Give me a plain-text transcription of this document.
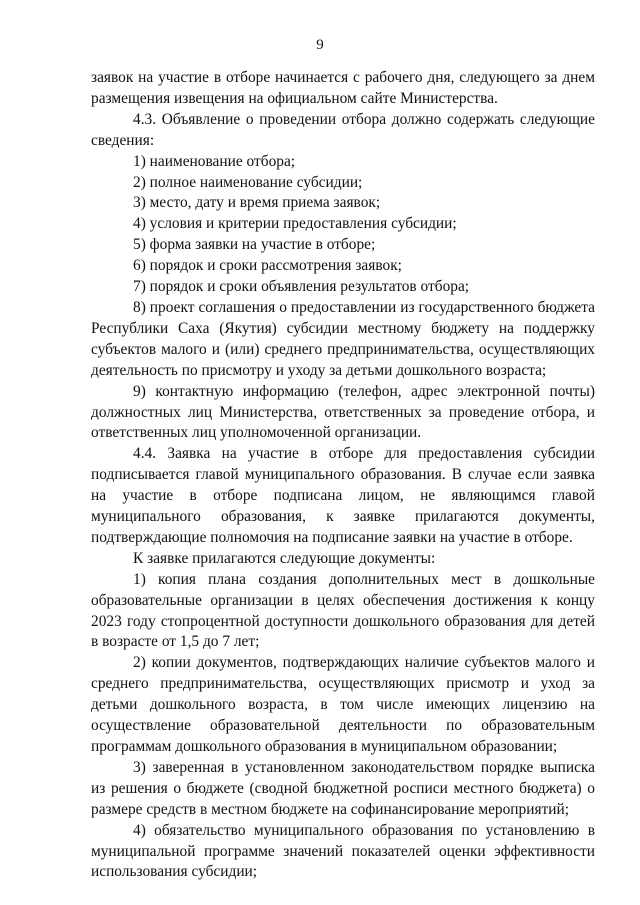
9

заявок на участие в отборе начинается с рабочего дня, следующего за днем размещения извещения на официальном сайте Министерства.

4.3. Объявление о проведении отбора должно содержать следующие сведения:

1) наименование отбора;

2) полное наименование субсидии;

3) место, дату и время приема заявок;

4) условия и критерии предоставления субсидии;

5) форма заявки на участие в отборе;

6) порядок и сроки рассмотрения заявок;

7) порядок и сроки объявления результатов отбора;

8) проект соглашения о предоставлении из государственного бюджета Республики Саха (Якутия) субсидии местному бюджету на поддержку субъектов малого и (или) среднего предпринимательства, осуществляющих деятельность по присмотру и уходу за детьми дошкольного возраста;

9) контактную информацию (телефон, адрес электронной почты) должностных лиц Министерства, ответственных за проведение отбора, и ответственных лиц уполномоченной организации.

4.4. Заявка на участие в отборе для предоставления субсидии подписывается главой муниципального образования. В случае если заявка на участие в отборе подписана лицом, не являющимся главой муниципального образования, к заявке прилагаются документы, подтверждающие полномочия на подписание заявки на участие в отборе.

К заявке прилагаются следующие документы:

1) копия плана создания дополнительных мест в дошкольные образовательные организации в целях обеспечения достижения к концу 2023 году стопроцентной доступности дошкольного образования для детей в возрасте от 1,5 до 7 лет;

2) копии документов, подтверждающих наличие субъектов малого и среднего предпринимательства, осуществляющих присмотр и уход за детьми дошкольного возраста, в том числе имеющих лицензию на осуществление образовательной деятельности по образовательным программам дошкольного образования в муниципальном образовании;

3) заверенная в установленном законодательством порядке выписка из решения о бюджете (сводной бюджетной росписи местного бюджета) о размере средств в местном бюджете на софинансирование мероприятий;

4) обязательство муниципального образования по установлению в муниципальной программе значений показателей оценки эффективности использования субсидии;
